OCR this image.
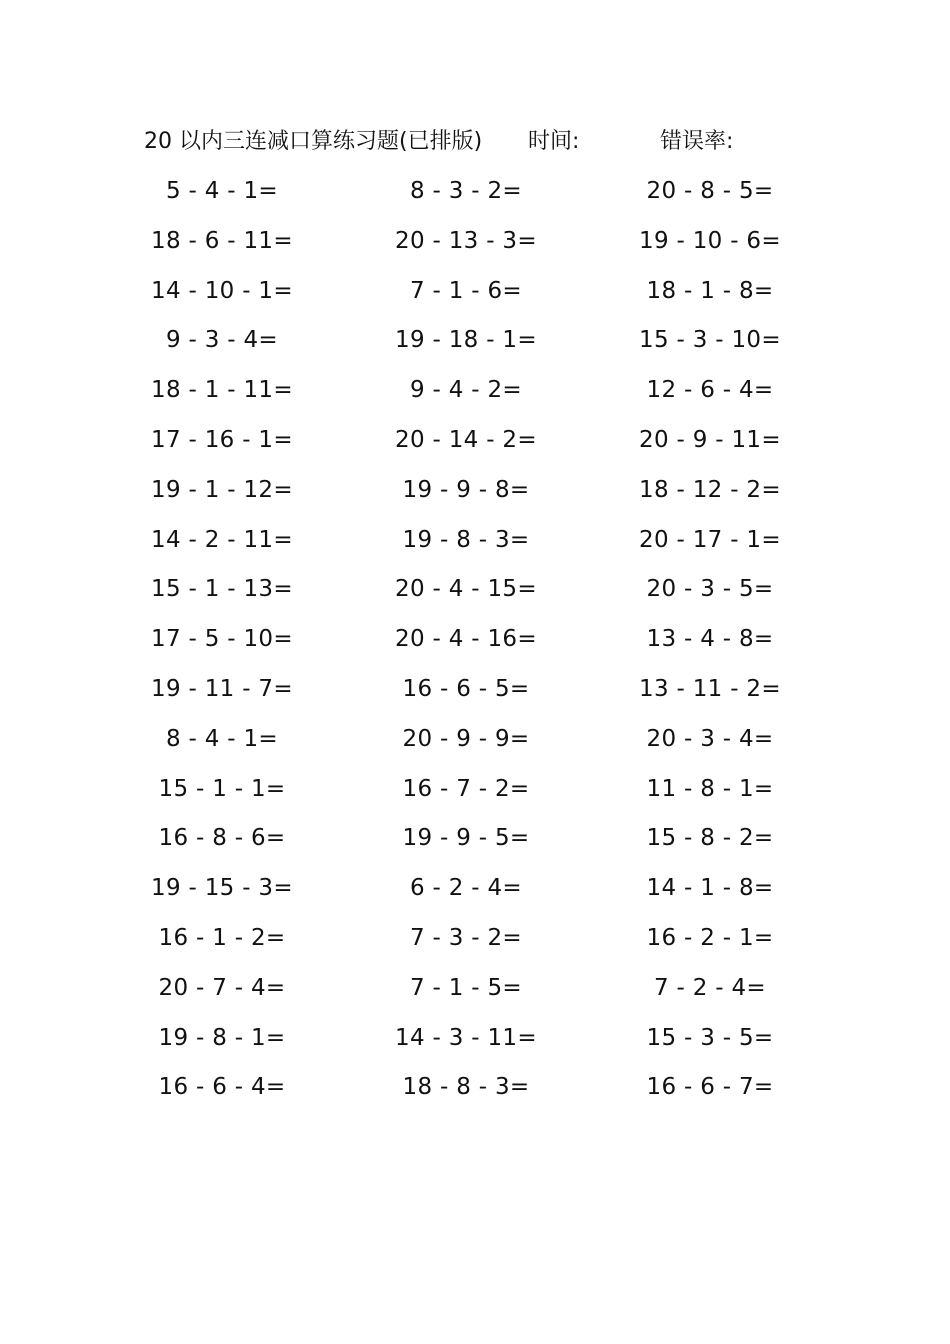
20 以内三连减口算练习题(已排版) 时间:	错误率:
5 - 4 - 1=	8 - 3 - 2=	20 - 8 - 5=
18 - 6 - 11=	20 - 13 - 3=	19 - 10 - 6=
14 - 10 - 1=	7 - 1 - 6=	18 - 1 - 8=
9 - 3 - 4=	19 - 18 - 1=	15 - 3 - 10=
18 - 1 - 11=	9 - 4 - 2=	12 - 6 - 4=
17 - 16 - 1=	20 - 14 - 2=	20 - 9 - 11=
19 - 1 - 12=	19 - 9 - 8=	18 - 12 - 2=
14 - 2 - 11=	19 - 8 - 3=	20 - 17 - 1=
15 - 1 - 13=	20 - 4 - 15=	20 - 3 - 5=
17 - 5 - 10=	20 - 4 - 16=	13 - 4 - 8=
19 - 11 - 7=	16 - 6 - 5=	13 - 11 - 2=
8 - 4 - 1=	20 - 9 - 9=	20 - 3 - 4=
15 - 1 - 1=	16 - 7 - 2=	11 - 8 - 1=
16 - 8 - 6=	19 - 9 - 5=	15 - 8 - 2=
19 - 15 - 3=	6 - 2 - 4=	14 - 1 - 8=
16 - 1 - 2=	7 - 3 - 2=	16 - 2 - 1=
20 - 7 - 4=	7 - 1 - 5=	7 - 2 - 4=
19 - 8 - 1=	14 - 3 - 11=	15 - 3 - 5=
16 - 6 - 4=	18 - 8 - 3=	16 - 6 - 7=
